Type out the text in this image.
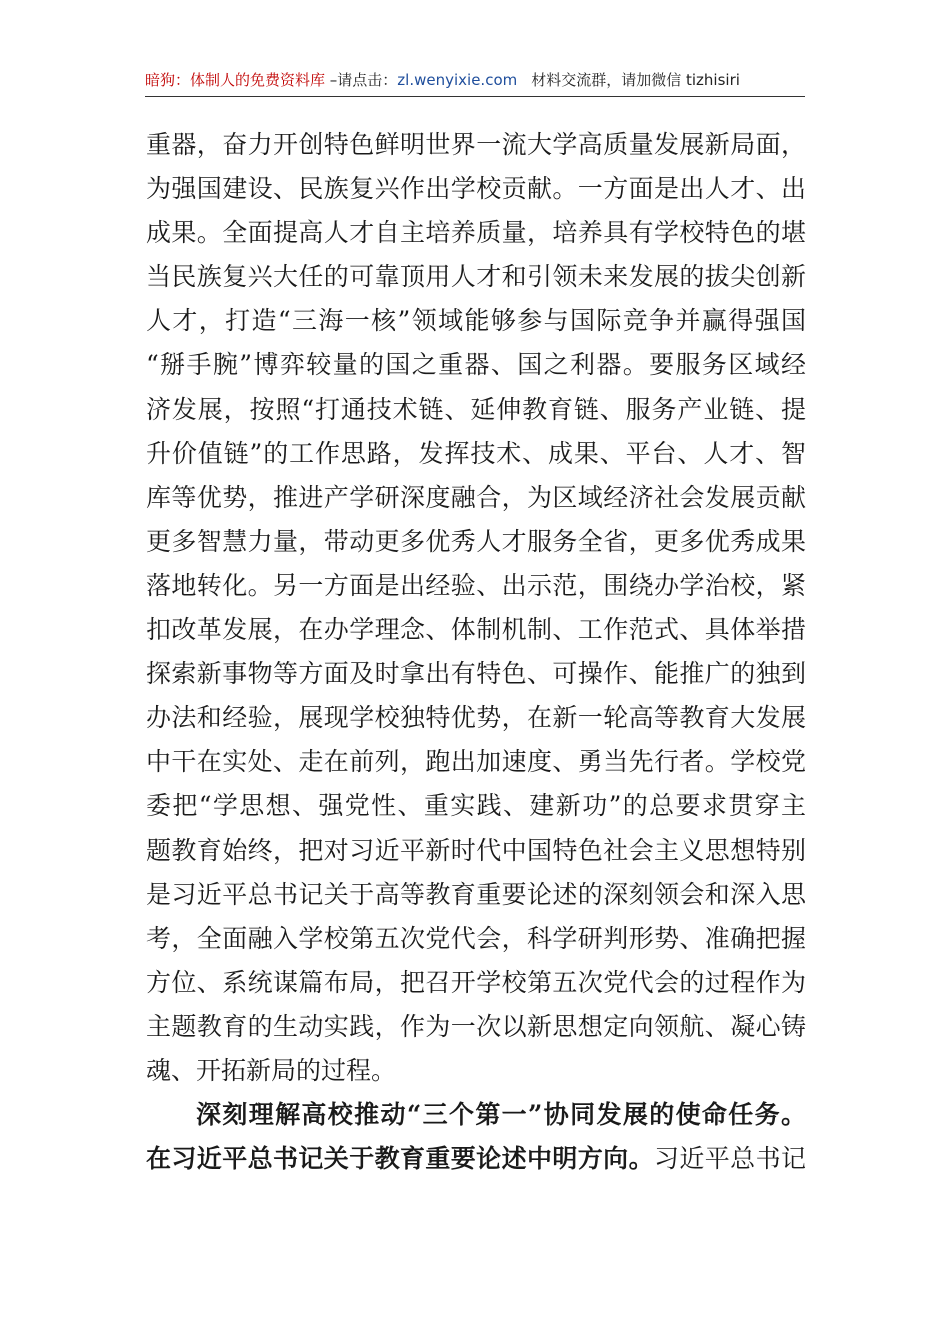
暗狗：体制人的免费资料库 –请点击：zl.wenyixie.com 材料交流群，请加微信 tizhisiri
重器，奋力开创特色鲜明世界一流大学高质量发展新局面，
为强国建设、民族复兴作出学校贡献。一方面是出人才、出
成果。全面提高人才自主培养质量，培养具有学校特色的堪
当民族复兴大任的可靠顶用人才和引领未来发展的拔尖创新
人才，打造“三海一核”领域能够参与国际竞争并赢得强国
“掰手腕”博弈较量的国之重器、国之利器。要服务区域经
济发展，按照“打通技术链、延伸教育链、服务产业链、提
升价值链”的工作思路，发挥技术、成果、平台、人才、智
库等优势，推进产学研深度融合，为区域经济社会发展贡献
更多智慧力量，带动更多优秀人才服务全省，更多优秀成果
落地转化。另一方面是出经验、出示范，围绕办学治校，紧
扣改革发展，在办学理念、体制机制、工作范式、具体举措
探索新事物等方面及时拿出有特色、可操作、能推广的独到
办法和经验，展现学校独特优势，在新一轮高等教育大发展
中干在实处、走在前列，跑出加速度、勇当先行者。学校党
委把“学思想、强党性、重实践、建新功”的总要求贯穿主
题教育始终，把对习近平新时代中国特色社会主义思想特别
是习近平总书记关于高等教育重要论述的深刻领会和深入思
考，全面融入学校第五次党代会，科学研判形势、准确把握
方位、系统谋篇布局，把召开学校第五次党代会的过程作为
主题教育的生动实践，作为一次以新思想定向领航、凝心铸
魂、开拓新局的过程。
深刻理解高校推动“三个第一”协同发展的使命任务。
在习近平总书记关于教育重要论述中明方向。习近平总书记
